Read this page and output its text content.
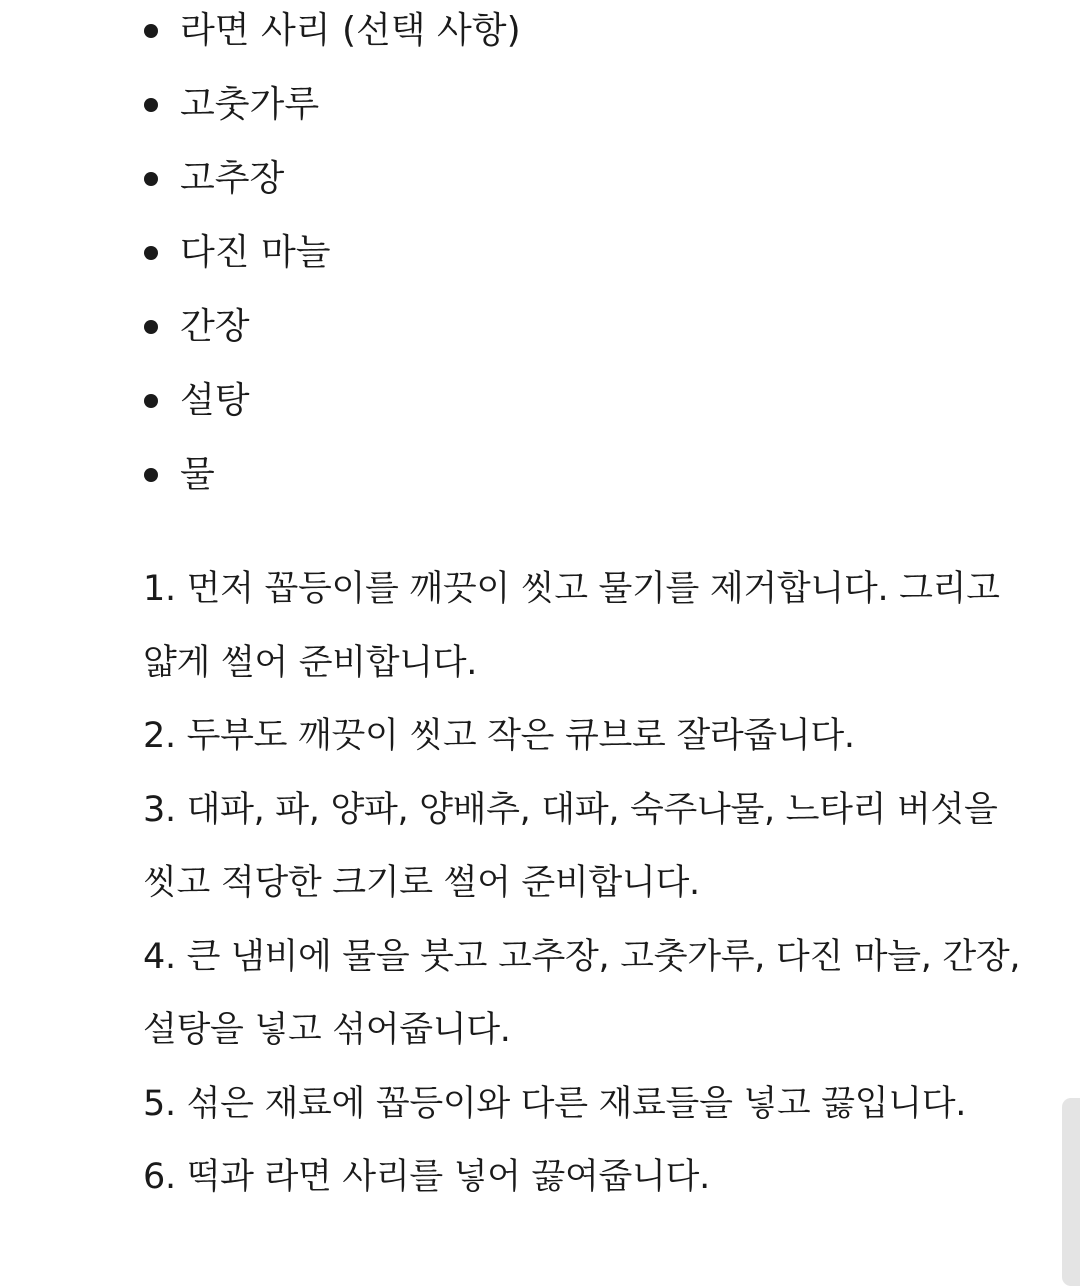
라면 사리 (선택 사항)
고춧가루
고추장
다진 마늘
간장
설탕
물

1. 먼저 꼽등이를 깨끗이 씻고 물기를 제거합니다. 그리고 얇게 썰어 준비합니다.

2. 두부도 깨끗이 씻고 작은 큐브로 잘라줍니다.

3. 대파, 파, 양파, 양배추, 대파, 숙주나물, 느타리 버섯을 씻고 적당한 크기로 썰어 준비합니다.

4. 큰 냄비에 물을 붓고 고추장, 고춧가루, 다진 마늘, 간장, 설탕을 넣고 섞어줍니다.

5. 섞은 재료에 꼽등이와 다른 재료들을 넣고 끓입니다.

6. 떡과 라면 사리를 넣어 끓여줍니다.
